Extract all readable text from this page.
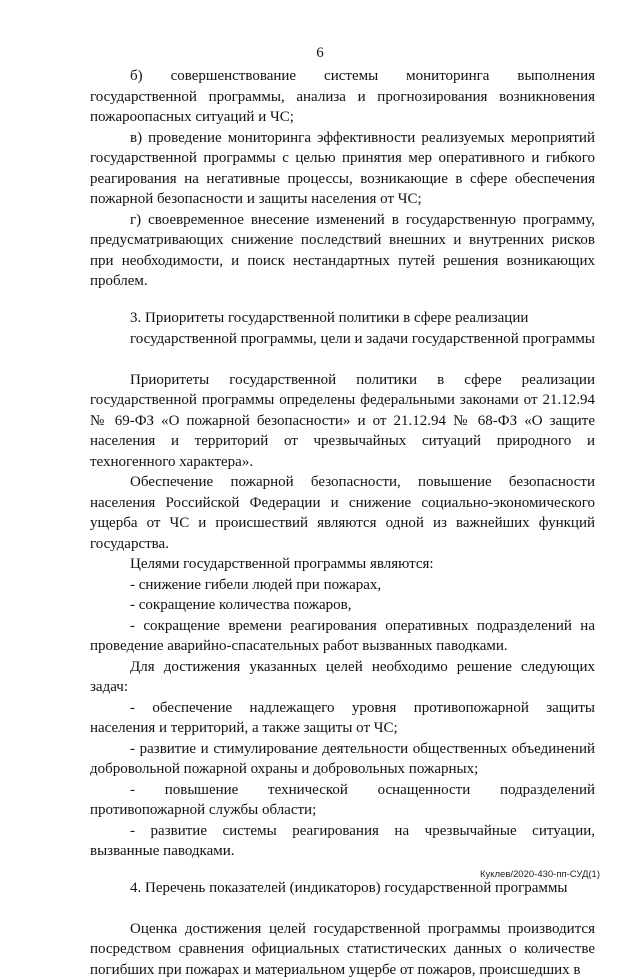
6

б) совершенствование системы мониторинга выполнения государственной программы, анализа и прогнозирования возникновения пожароопасных ситуаций и ЧС;

в) проведение мониторинга эффективности реализуемых мероприятий государственной программы с целью принятия мер оперативного и гибкого реагирования на негативные процессы, возникающие в сфере обеспечения пожарной безопасности и защиты населения от ЧС;

г) своевременное внесение изменений в государственную программу, предусматривающих снижение последствий внешних и внутренних рисков при необходимости, и поиск нестандартных путей решения возникающих проблем.

3. Приоритеты государственной политики в сфере реализации

государственной программы, цели и задачи государственной программы

Приоритеты государственной политики в сфере реализации государственной программы определены федеральными законами от 21.12.94 № 69-ФЗ «О пожарной безопасности» и от 21.12.94 № 68-ФЗ «О защите населения и территорий от чрезвычайных ситуаций природного и техногенного характера».

Обеспечение пожарной безопасности, повышение безопасности населения Российской Федерации и снижение социально-экономического ущерба от ЧС и происшествий являются одной из важнейших функций государства.

Целями государственной программы являются:

- снижение гибели людей при пожарах,

- сокращение количества пожаров,

- сокращение времени реагирования оперативных подразделений на проведение аварийно-спасательных работ вызванных паводками.

Для достижения указанных целей необходимо решение следующих задач:

- обеспечение надлежащего уровня противопожарной защиты населения и территорий, а также защиты от ЧС;

- развитие и стимулирование деятельности общественных объединений добровольной пожарной охраны и добровольных пожарных;

- повышение технической оснащенности подразделений противопожарной службы области;

- развитие системы реагирования на чрезвычайные ситуации, вызванные паводками.

4. Перечень показателей (индикаторов) государственной программы

Оценка достижения целей государственной программы производится посредством сравнения официальных статистических данных о количестве погибших при пожарах и материальном ущербе от пожаров, происшедших в

Куклев/2020-430-пп-СУД(1)
